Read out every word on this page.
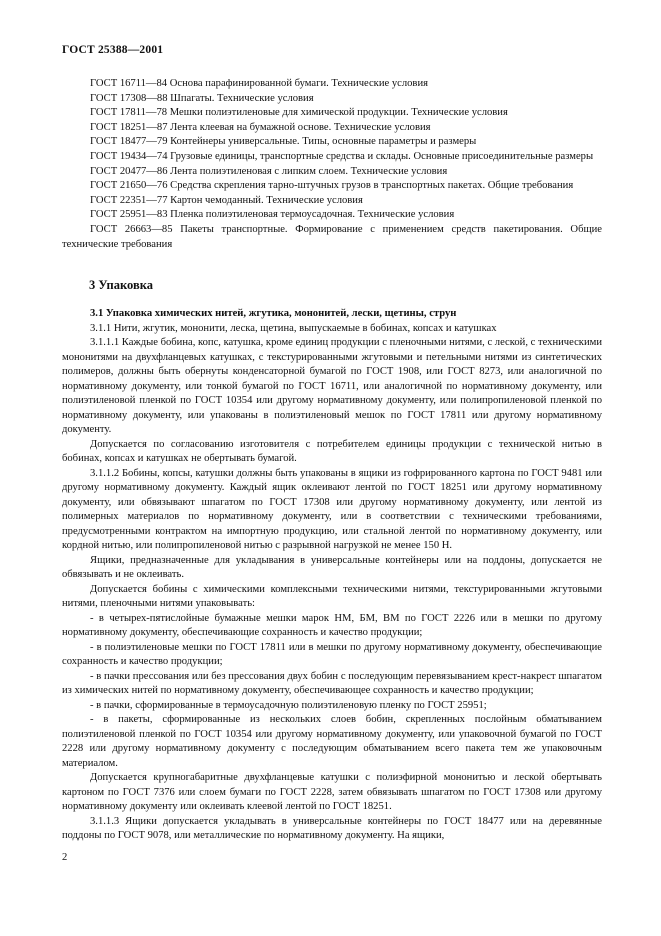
ГОСТ 25388—2001

ГОСТ 16711—84 Основа парафинированной бумаги. Технические условия

ГОСТ 17308—88 Шпагаты. Технические условия

ГОСТ 17811—78 Мешки полиэтиленовые для химической продукции. Технические условия

ГОСТ 18251—87 Лента клеевая на бумажной основе. Технические условия

ГОСТ 18477—79 Контейнеры универсальные. Типы, основные параметры и размеры

ГОСТ 19434—74 Грузовые единицы, транспортные средства и склады. Основные присоединительные размеры

ГОСТ 20477—86 Лента полиэтиленовая с липким слоем. Технические условия

ГОСТ 21650—76 Средства скрепления тарно-штучных грузов в транспортных пакетах. Общие требования

ГОСТ 22351—77 Картон чемоданный. Технические условия

ГОСТ 25951—83 Пленка полиэтиленовая термоусадочная. Технические условия

ГОСТ 26663—85 Пакеты транспортные. Формирование с применением средств пакетирования. Общие технические требования

3 Упаковка

3.1 Упаковка химических нитей, жгутика, мононитей, лески, щетины, струн

3.1.1 Нити, жгутик, мононити, леска, щетина, выпускаемые в бобинах, копсах и катушках

3.1.1.1 Каждые бобина, копс, катушка, кроме единиц продукции с пленочными нитями, с леской, с техническими мононитями на двухфланцевых катушках, с текстурированными жгутовыми и петельными нитями из синтетических полимеров, должны быть обернуты конденсаторной бумагой по ГОСТ 1908, или ГОСТ 8273, или аналогичной по нормативному документу, или тонкой бумагой по ГОСТ 16711, или аналогичной по нормативному документу, или полиэтиленовой пленкой по ГОСТ 10354 или другому нормативному документу, или полипропиленовой пленкой по нормативному документу, или упакованы в полиэтиленовый мешок по ГОСТ 17811 или другому нормативному документу.

Допускается по согласованию изготовителя с потребителем единицы продукции с технической нитью в бобинах, копсах и катушках не обертывать бумагой.

3.1.1.2 Бобины, копсы, катушки должны быть упакованы в ящики из гофрированного картона по ГОСТ 9481 или другому нормативному документу. Каждый ящик оклеивают лентой по ГОСТ 18251 или другому нормативному документу, или обвязывают шпагатом по ГОСТ 17308 или другому нормативному документу, или лентой из полимерных материалов по нормативному документу, или в соответствии с техническими требованиями, предусмотренными контрактом на импортную продукцию, или стальной лентой по нормативному документу, или кордной нитью, или полипропиленовой нитью с разрывной нагрузкой не менее 150 Н.

Ящики, предназначенные для укладывания в универсальные контейнеры или на поддоны, допускается не обвязывать и не оклеивать.

Допускается бобины с химическими комплексными техническими нитями, текстурированными жгутовыми нитями, пленочными нитями упаковывать:

- в четырех-пятислойные бумажные мешки марок НМ, БМ, ВМ по ГОСТ 2226 или в мешки по другому нормативному документу, обеспечивающие сохранность и качество продукции;

- в полиэтиленовые мешки по ГОСТ 17811 или в мешки по другому нормативному документу, обеспечивающие сохранность и качество продукции;

- в пачки прессования или без прессования двух бобин с последующим перевязыванием крест-накрест шпагатом из химических нитей по нормативному документу, обеспечивающее сохранность и качество продукции;

- в пачки, сформированные в термоусадочную полиэтиленовую пленку по ГОСТ 25951;

- в пакеты, сформированные из нескольких слоев бобин, скрепленных послойным обматыванием полиэтиленовой пленкой по ГОСТ 10354 или другому нормативному документу, или упаковочной бумагой по ГОСТ 2228 или другому нормативному документу с последующим обматыванием всего пакета тем же упаковочным материалом.

Допускается крупногабаритные двухфланцевые катушки с полиэфирной мононитью и леской обертывать картоном по ГОСТ 7376 или слоем бумаги по ГОСТ 2228, затем обвязывать шпагатом по ГОСТ 17308 или другому нормативному документу или оклеивать клеевой лентой по ГОСТ 18251.

3.1.1.3 Ящики допускается укладывать в универсальные контейнеры по ГОСТ 18477 или на деревянные поддоны по ГОСТ 9078, или металлические по нормативному документу. На ящики,

2
